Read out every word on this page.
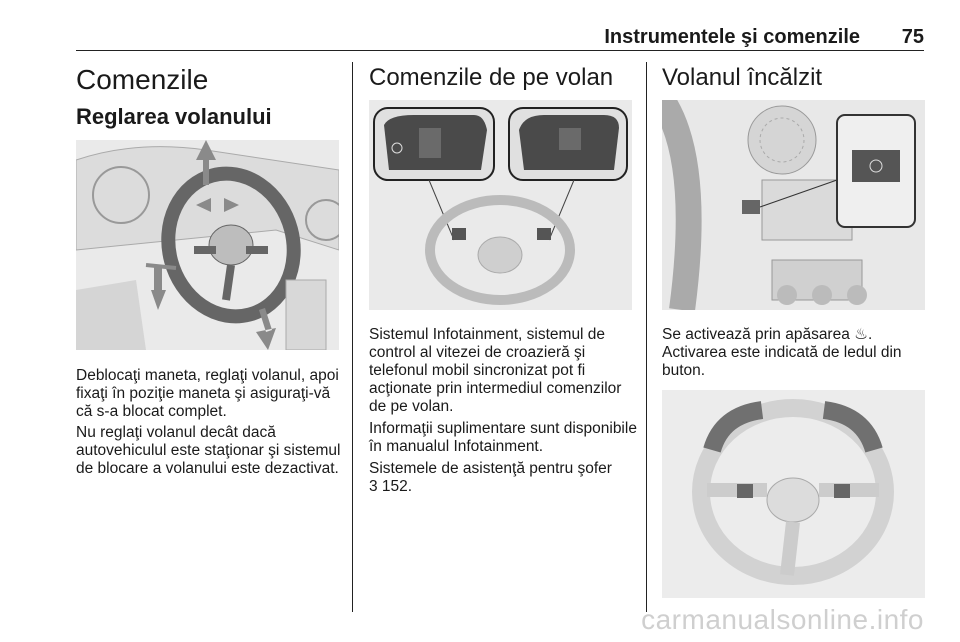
Instrumentele şi comenzile 75
Comenzile
Reglarea volanului

Deblocaţi maneta, reglaţi volanul, apoi fixaţi în poziţie maneta şi asiguraţi-vă că s-a blocat complet.

Nu reglaţi volanul decât dacă autovehiculul este staţionar şi sistemul de blocare a volanului este dezactivat.

Comenzile de pe volan

Sistemul Infotainment, sistemul de control al vitezei de croazieră şi telefonul mobil sincronizat pot fi acţionate prin intermediul comenzilor de pe volan.

Informaţii suplimentare sunt disponibile în manualul Infotainment.

Sistemele de asistenţă pentru şofer

3 152.

Volanul încălzit

Se activează prin apăsarea ♨.

Activarea este indicată de ledul din buton.

carmanualsonline.info
